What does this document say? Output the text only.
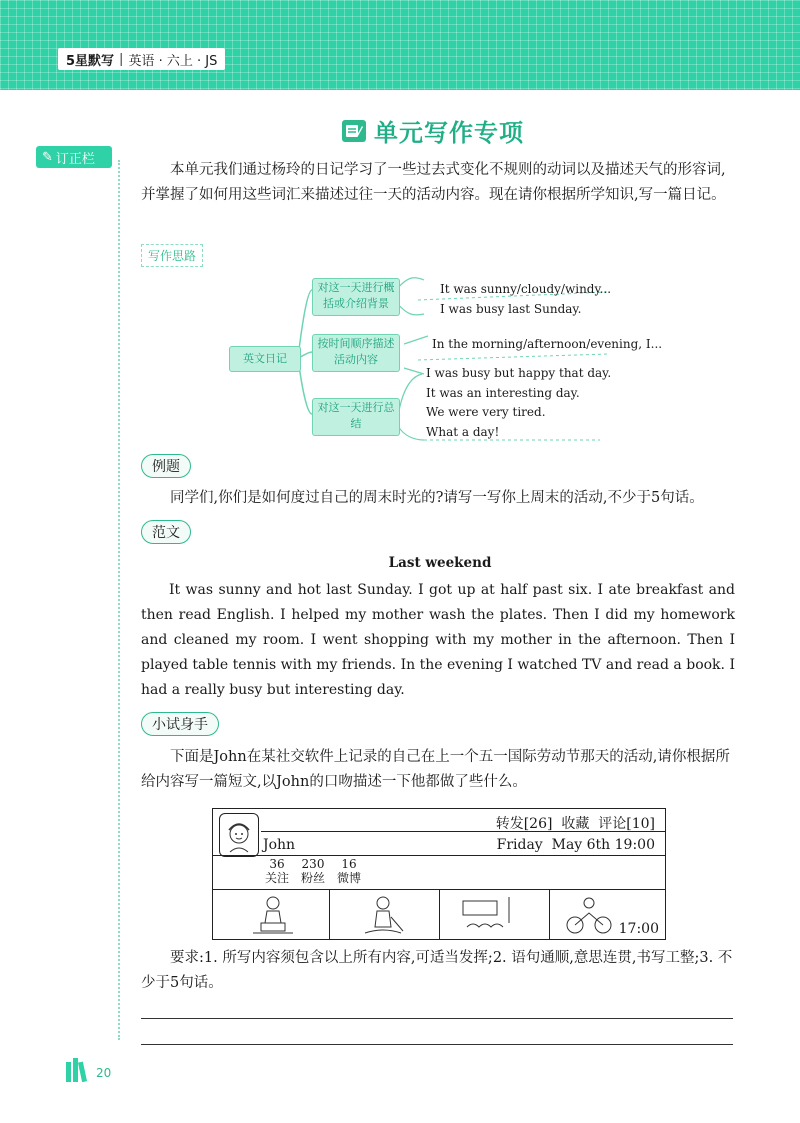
5星默写 | 英语 · 六上 · JS
单元写作专项
✎ 订正栏

本单元我们通过杨玲的日记学习了一些过去式变化不规则的动词以及描述天气的形容词,并掌握了如何用这些词汇来描述过往一天的活动内容。现在请你根据所学知识,写一篇日记。

写作思路
英文日记
对这一天进行概括或介绍背景
按时间顺序描述活动内容
对这一天进行总结
It was sunny/cloudy/windy...
I was busy last Sunday.
In the morning/afternoon/evening, I...
I was busy but happy that day.
It was an interesting day.
We were very tired.
What a day!
例题

同学们,你们是如何度过自己的周末时光的?请写一写你上周末的活动,不少于5句话。

范文
Last weekend

It was sunny and hot last Sunday. I got up at half past six. I ate breakfast and then read English. I helped my mother wash the plates. Then I did my homework and cleaned my room. I went shopping with my mother in the afternoon. Then I played table tennis with my friends. In the evening I watched TV and read a book. I had a really busy but interesting day.

小试身手

下面是John在某社交软件上记录的自己在上一个五一国际劳动节那天的活动,请你根据所给内容写一篇短文,以John的口吻描述一下他都做了些什么。

John
转发[26]  收藏  评论[10]
Friday  May 6th 19:00
36
关注
230
粉丝
16
微博
17:00

要求:1. 所写内容须包含以上所有内容,可适当发挥;2. 语句通顺,意思连贯,书写工整;3. 不少于5句话。

20
